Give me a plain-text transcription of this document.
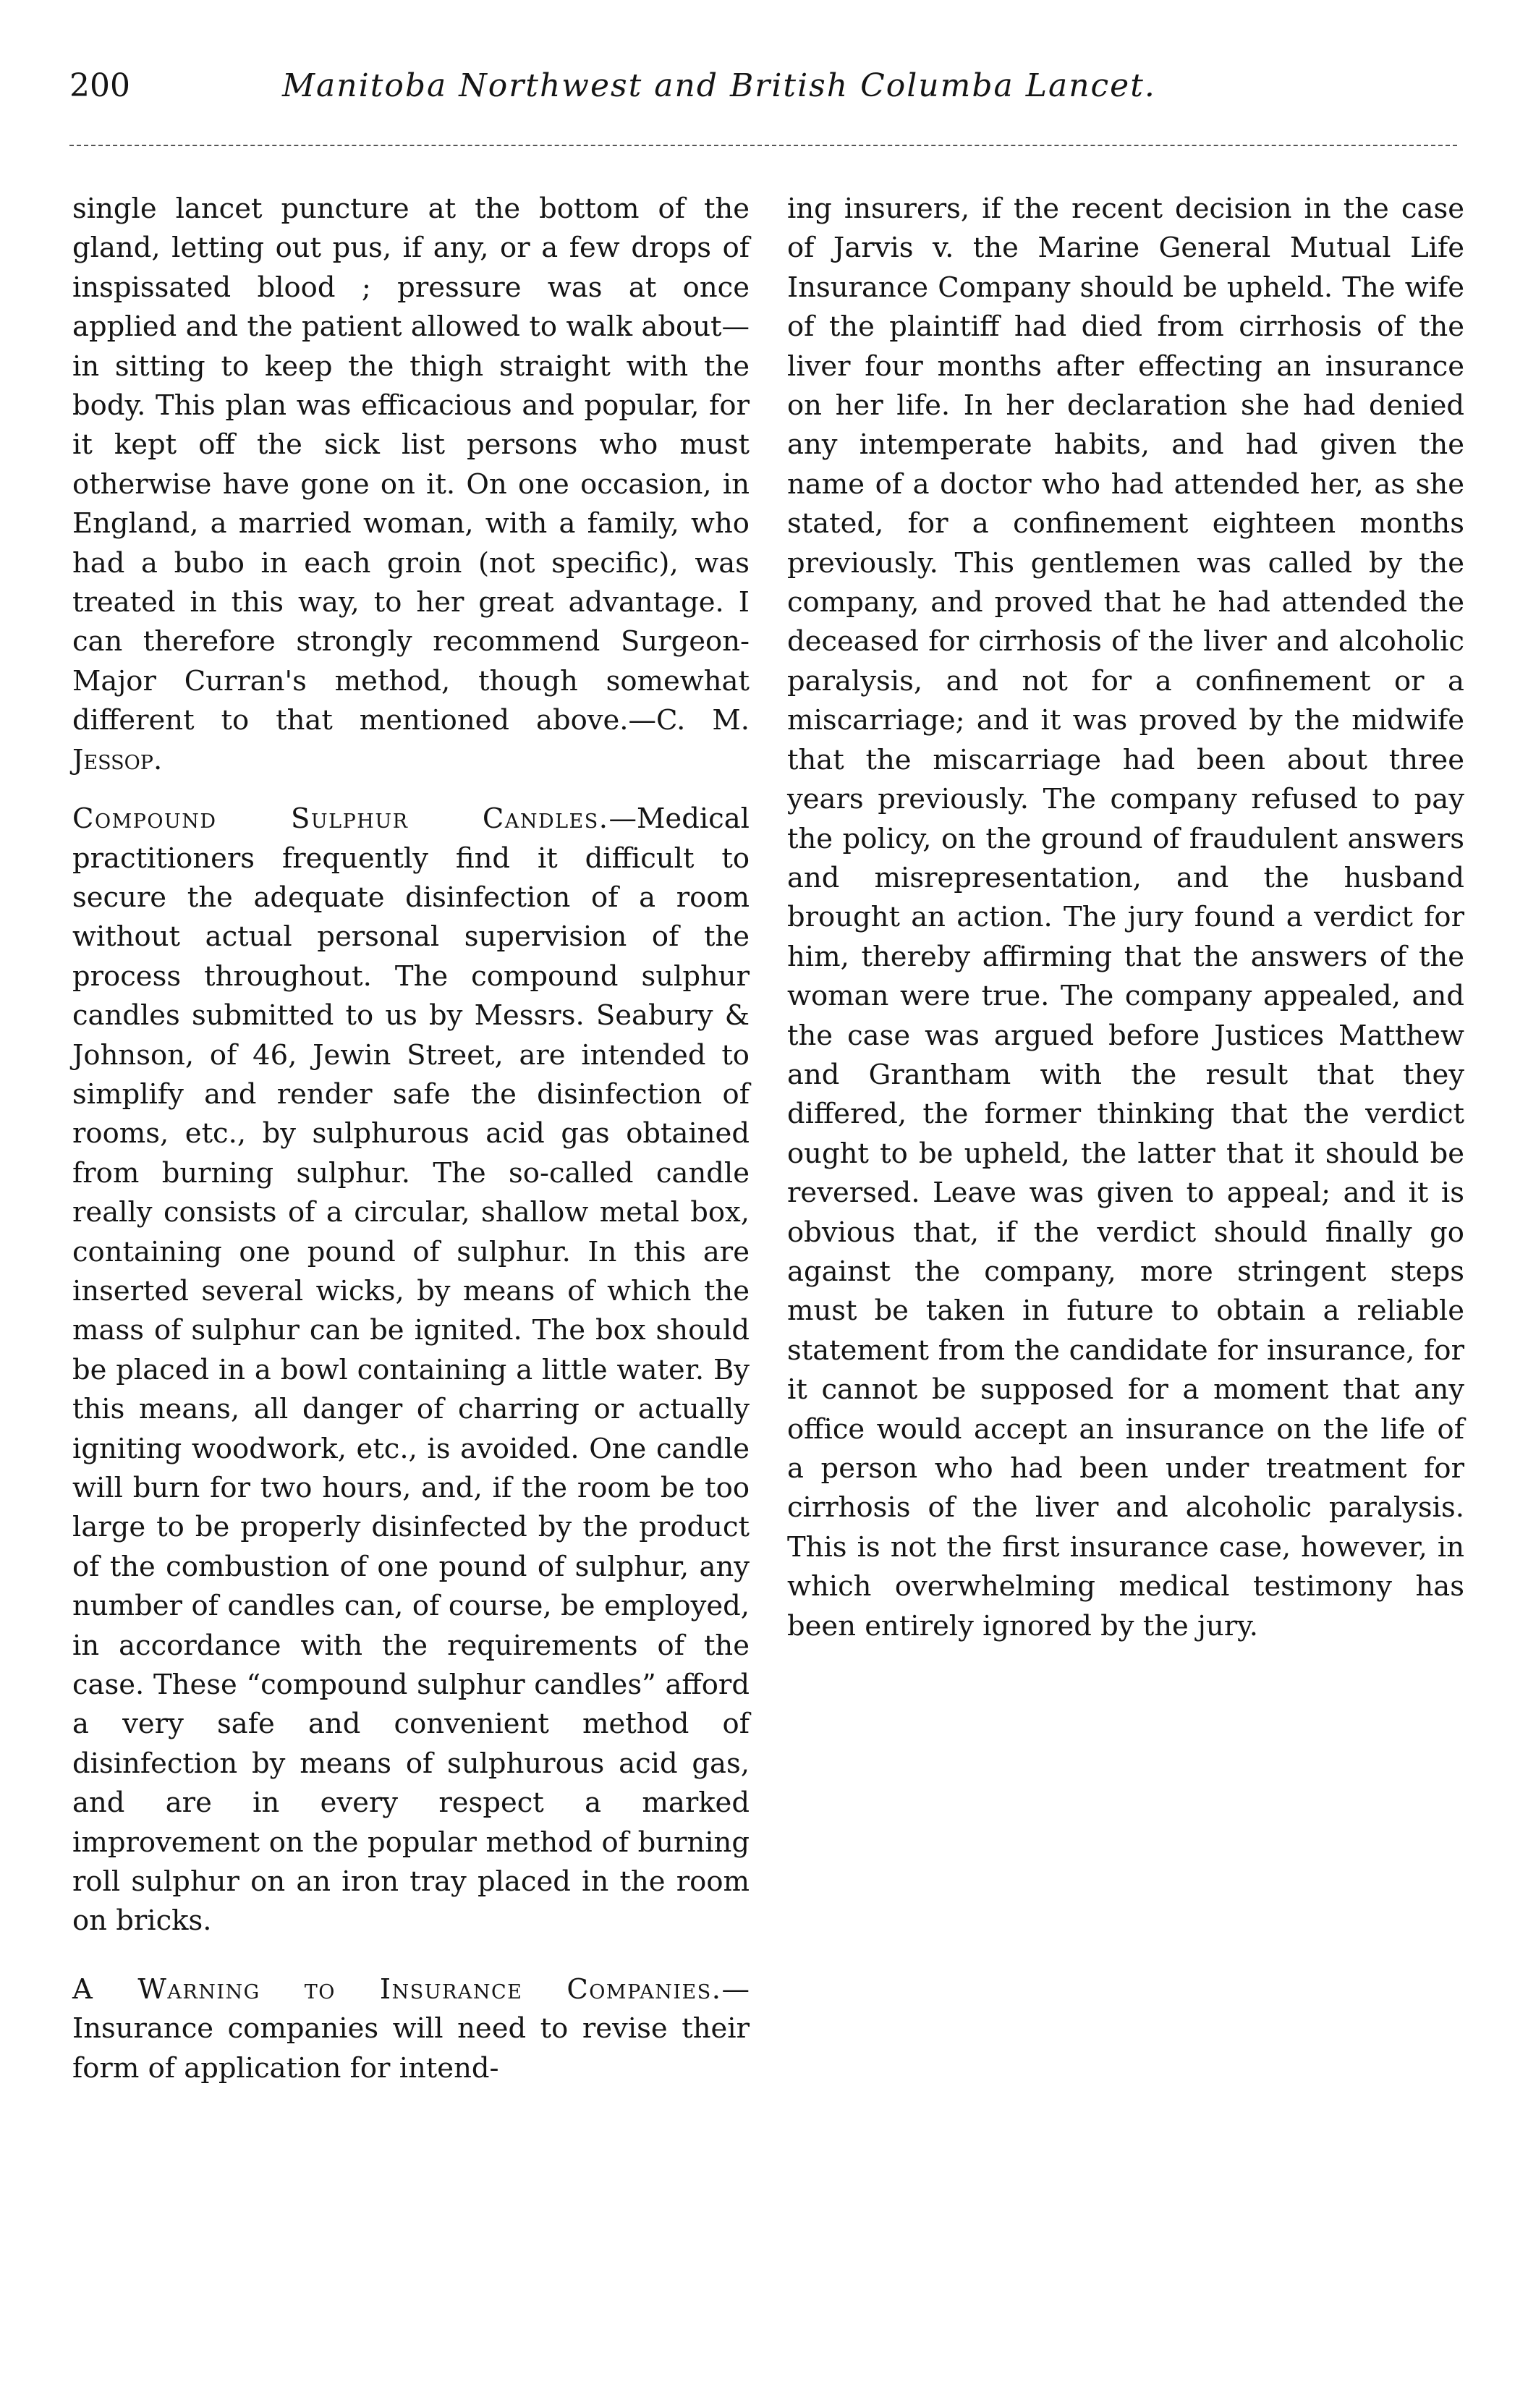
200	Manitoba Northwest and British Columba Lancet.

single lancet puncture at the bottom of the gland, letting out pus, if any, or a few drops of inspissated blood ; pressure was at once applied and the patient allowed to walk about—in sitting to keep the thigh straight with the body. This plan was efficacious and popular, for it kept off the sick list persons who must otherwise have gone on it. On one occasion, in England, a married woman, with a family, who had a bubo in each groin (not specific), was treated in this way, to her great advantage. I can therefore strongly recommend Surgeon-Major Curran's method, though somewhat different to that mentioned above.—C. M. Jessop.

Compound Sulphur Candles.—Medical practitioners frequently find it difficult to secure the adequate disinfection of a room without actual personal supervision of the process throughout. The compound sulphur candles submitted to us by Messrs. Seabury & Johnson, of 46, Jewin Street, are intended to simplify and render safe the disinfection of rooms, etc., by sulphurous acid gas obtained from burning sulphur. The so-called candle really consists of a circular, shallow metal box, containing one pound of sulphur. In this are inserted several wicks, by means of which the mass of sulphur can be ignited. The box should be placed in a bowl containing a little water. By this means, all danger of charring or actually igniting woodwork, etc., is avoided. One candle will burn for two hours, and, if the room be too large to be properly disinfected by the product of the combustion of one pound of sulphur, any number of candles can, of course, be employed, in accordance with the requirements of the case. These “compound sulphur candles” afford a very safe and convenient method of disinfection by means of sulphurous acid gas, and are in every respect a marked improvement on the popular method of burning roll sulphur on an iron tray placed in the room on bricks.

A Warning to Insurance Companies.—Insurance companies will need to revise their form of application for intend-

ing insurers, if the recent decision in the case of Jarvis v. the Marine General Mutual Life Insurance Company should be upheld. The wife of the plaintiff had died from cirrhosis of the liver four months after effecting an insurance on her life. In her declaration she had denied any intemperate habits, and had given the name of a doctor who had attended her, as she stated, for a confinement eighteen months previously. This gentlemen was called by the company, and proved that he had attended the deceased for cirrhosis of the liver and alcoholic paralysis, and not for a confinement or a miscarriage; and it was proved by the midwife that the miscarriage had been about three years previously. The company refused to pay the policy, on the ground of fraudulent answers and misrepresentation, and the husband brought an action. The jury found a verdict for him, thereby affirming that the answers of the woman were true. The company appealed, and the case was argued before Justices Matthew and Grantham with the result that they differed, the former thinking that the verdict ought to be upheld, the latter that it should be reversed. Leave was given to appeal; and it is obvious that, if the verdict should finally go against the company, more stringent steps must be taken in future to obtain a reliable statement from the candidate for insurance, for it cannot be supposed for a moment that any office would accept an insurance on the life of a person who had been under treatment for cirrhosis of the liver and alcoholic paralysis. This is not the first insurance case, however, in which overwhelming medical testimony has been entirely ignored by the jury.
